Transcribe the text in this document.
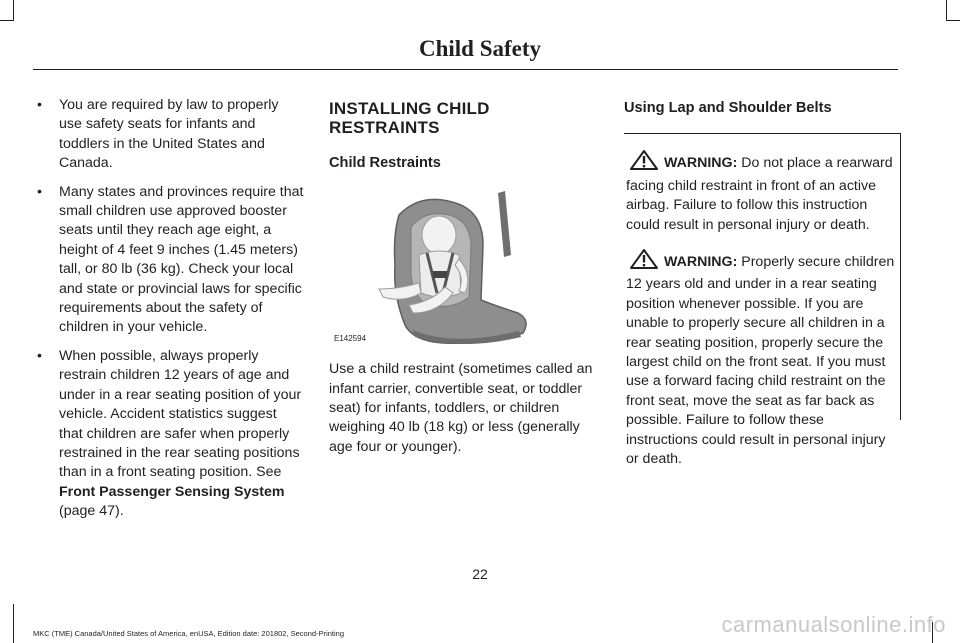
Child Safety
• You are required by law to properly use safety seats for infants and toddlers in the United States and Canada.
• Many states and provinces require that small children use approved booster seats until they reach age eight, a height of 4 feet 9 inches (1.45 meters) tall, or 80 lb (36 kg). Check your local and state or provincial laws for specific requirements about the safety of children in your vehicle.
• When possible, always properly restrain children 12 years of age and under in a rear seating position of your vehicle. Accident statistics suggest that children are safer when properly restrained in the rear seating positions than in a front seating position. See Front Passenger Sensing System (page 47).
INSTALLING CHILD RESTRAINTS
Child Restraints
E142594

Use a child restraint (sometimes called an infant carrier, convertible seat, or toddler seat) for infants, toddlers, or children weighing 40 lb (18 kg) or less (generally age four or younger).

Using Lap and Shoulder Belts

WARNING: Do not place a rearward facing child restraint in front of an active airbag. Failure to follow this instruction could result in personal injury or death.

WARNING: Properly secure children 12 years old and under in a rear seating position whenever possible. If you are unable to properly secure all children in a rear seating position, properly secure the largest child on the front seat. If you must use a forward facing child restraint on the front seat, move the seat as far back as possible. Failure to follow these instructions could result in personal injury or death.

22
MKC (TME) Canada/United States of America, enUSA, Edition date: 201802, Second-Printing	carmanualsonline.info
